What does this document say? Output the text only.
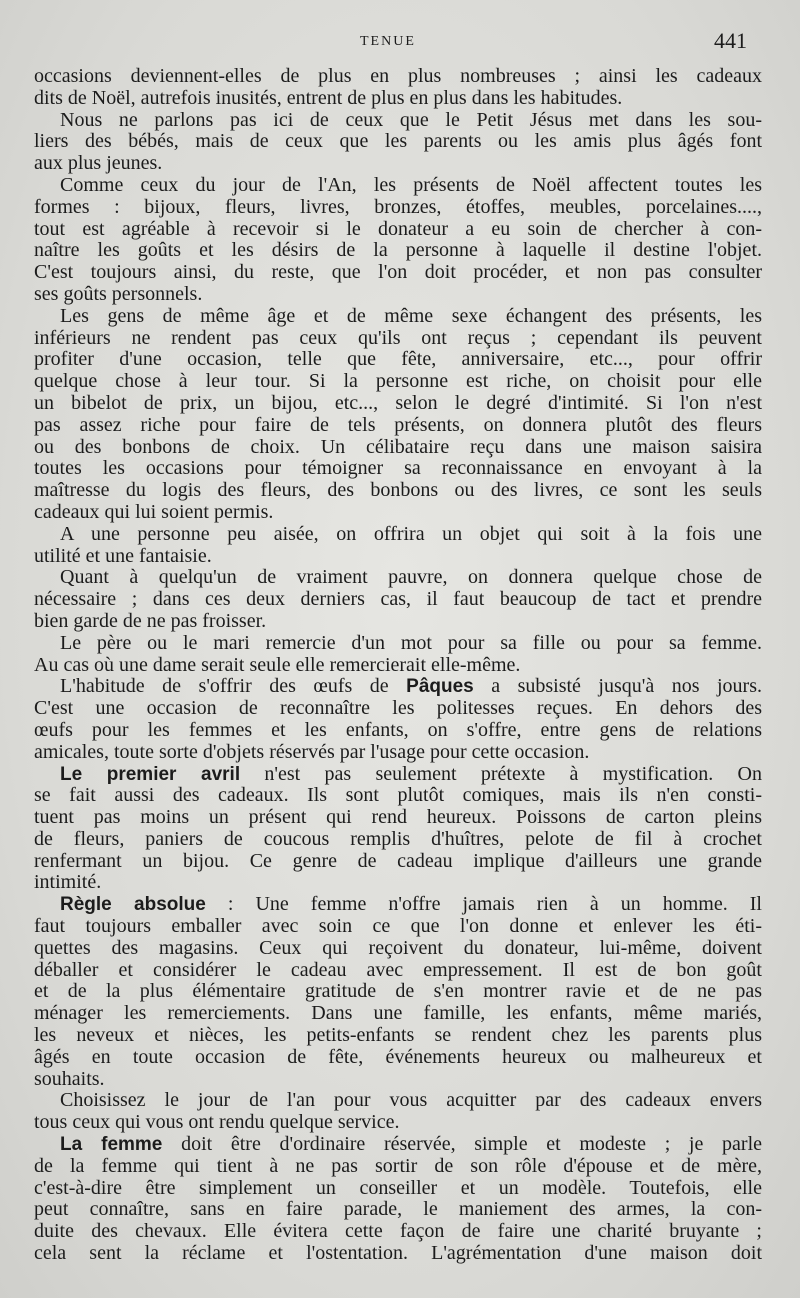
TENUE	441
occasions deviennent-elles de plus en plus nombreuses ; ainsi les cadeaux
dits de Noël, autrefois inusités, entrent de plus en plus dans les habitudes.
Nous ne parlons pas ici de ceux que le Petit Jésus met dans les sou-
liers des bébés, mais de ceux que les parents ou les amis plus âgés font
aux plus jeunes.
Comme ceux du jour de l'An, les présents de Noël affectent toutes les
formes : bijoux, fleurs, livres, bronzes, étoffes, meubles, porcelaines....,
tout est agréable à recevoir si le donateur a eu soin de chercher à con-
naître les goûts et les désirs de la personne à laquelle il destine l'objet.
C'est toujours ainsi, du reste, que l'on doit procéder, et non pas consulter
ses goûts personnels.
Les gens de même âge et de même sexe échangent des présents, les
inférieurs ne rendent pas ceux qu'ils ont reçus ; cependant ils peuvent
profiter d'une occasion, telle que fête, anniversaire, etc..., pour offrir
quelque chose à leur tour. Si la personne est riche, on choisit pour elle
un bibelot de prix, un bijou, etc..., selon le degré d'intimité. Si l'on n'est
pas assez riche pour faire de tels présents, on donnera plutôt des fleurs
ou des bonbons de choix. Un célibataire reçu dans une maison saisira
toutes les occasions pour témoigner sa reconnaissance en envoyant à la
maîtresse du logis des fleurs, des bonbons ou des livres, ce sont les seuls
cadeaux qui lui soient permis.
A une personne peu aisée, on offrira un objet qui soit à la fois une
utilité et une fantaisie.
Quant à quelqu'un de vraiment pauvre, on donnera quelque chose de
nécessaire ; dans ces deux derniers cas, il faut beaucoup de tact et prendre
bien garde de ne pas froisser.
Le père ou le mari remercie d'un mot pour sa fille ou pour sa femme.
Au cas où une dame serait seule elle remercierait elle-même.
L'habitude de s'offrir des œufs de Pâques a subsisté jusqu'à nos jours.
C'est une occasion de reconnaître les politesses reçues. En dehors des
œufs pour les femmes et les enfants, on s'offre, entre gens de relations
amicales, toute sorte d'objets réservés par l'usage pour cette occasion.
Le premier avril n'est pas seulement prétexte à mystification. On
se fait aussi des cadeaux. Ils sont plutôt comiques, mais ils n'en consti-
tuent pas moins un présent qui rend heureux. Poissons de carton pleins
de fleurs, paniers de coucous remplis d'huîtres, pelote de fil à crochet
renfermant un bijou. Ce genre de cadeau implique d'ailleurs une grande
intimité.
Règle absolue : Une femme n'offre jamais rien à un homme. Il
faut toujours emballer avec soin ce que l'on donne et enlever les éti-
quettes des magasins. Ceux qui reçoivent du donateur, lui-même, doivent
déballer et considérer le cadeau avec empressement. Il est de bon goût
et de la plus élémentaire gratitude de s'en montrer ravie et de ne pas
ménager les remerciements. Dans une famille, les enfants, même mariés,
les neveux et nièces, les petits-enfants se rendent chez les parents plus
âgés en toute occasion de fête, événements heureux ou malheureux et
souhaits.
Choisissez le jour de l'an pour vous acquitter par des cadeaux envers
tous ceux qui vous ont rendu quelque service.
La femme doit être d'ordinaire réservée, simple et modeste ; je parle
de la femme qui tient à ne pas sortir de son rôle d'épouse et de mère,
c'est-à-dire être simplement un conseiller et un modèle. Toutefois, elle
peut connaître, sans en faire parade, le maniement des armes, la con-
duite des chevaux. Elle évitera cette façon de faire une charité bruyante ;
cela sent la réclame et l'ostentation. L'agrémentation d'une maison doit
